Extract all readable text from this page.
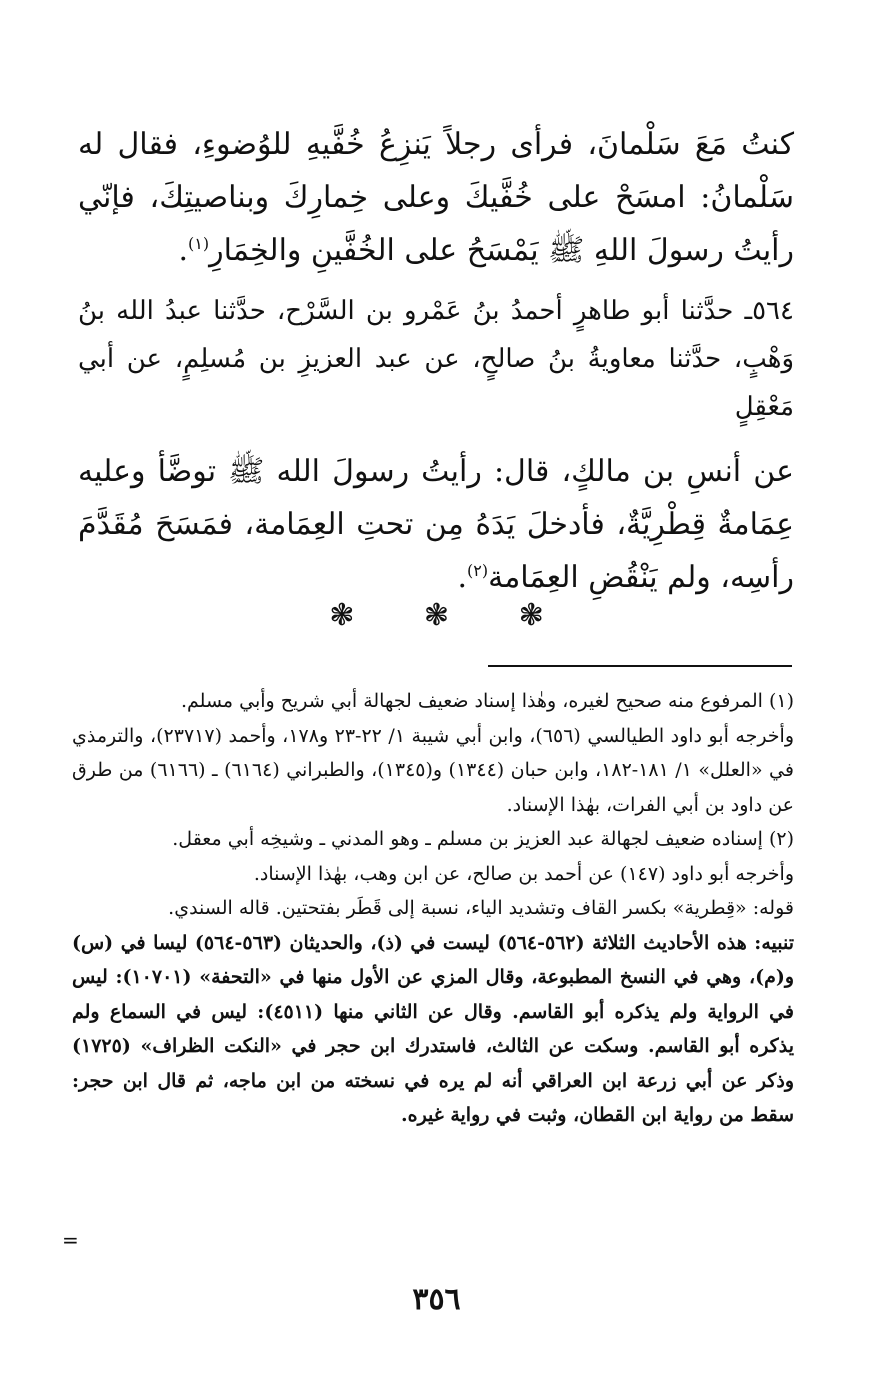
كنتُ مَعَ سَلْمانَ، فرأى رجلاً يَنزِعُ خُفَّيهِ للوُضوءِ، فقال له سَلْمانُ: امسَحْ على خُفَّيكَ وعلى خِمارِكَ وبناصيتِكَ، فإنّي رأيتُ رسولَ اللهِ ﷺ يَمْسَحُ على الخُفَّينِ والخِمَارِ$^{(١)}$.

٥٦٤ـ حدَّثنا أبو طاهرٍ أحمدُ بنُ عَمْرو بن السَّرْح، حدَّثنا عبدُ الله بنُ وَهْبٍ، حدَّثنا معاويةُ بنُ صالحٍ، عن عبد العزيزِ بن مُسلِمٍ، عن أبي مَعْقِلٍ

عن أنسِ بن مالكٍ، قال: رأيتُ رسولَ الله ﷺ توضَّأ وعليه عِمَامةٌ قِطْرِيَّةٌ، فأدخلَ يَدَهُ مِن تحتِ العِمَامة، فمَسَحَ مُقَدَّمَ رأسِه، ولم يَنْقُضِ العِمَامة$^{(٢)}$.

❃ ❃ ❃

(١) المرفوع منه صحيح لغيره، وهٰذا إسناد ضعيف لجهالة أبي شريح وأبي مسلم.

وأخرجه أبو داود الطيالسي (٦٥٦)، وابن أبي شيبة ١/ ٢٢-٢٣ و١٧٨، وأحمد (٢٣٧١٧)، والترمذي في «العلل» ١/ ١٨١-١٨٢، وابن حبان (١٣٤٤) و(١٣٤٥)، والطبراني (٦١٦٤) ـ (٦١٦٦) من طرق عن داود بن أبي الفرات، بهٰذا الإسناد.

(٢) إسناده ضعيف لجهالة عبد العزيز بن مسلم ـ وهو المدني ـ وشيخِه أبي معقل.

وأخرجه أبو داود (١٤٧) عن أحمد بن صالح، عن ابن وهب، بهٰذا الإسناد.

قوله: «قِطرية» بكسر القاف وتشديد الياء، نسبة إلى قَطَر بفتحتين. قاله السندي.

تنبيه: هذه الأحاديث الثلاثة (٥٦٢-٥٦٤) ليست في (ذ)، والحديثان (٥٦٣-٥٦٤) ليسا في (س) و(م)، وهي في النسخ المطبوعة، وقال المزي عن الأول منها في «التحفة» (١٠٧٠١): ليس في الرواية ولم يذكره أبو القاسم. وقال عن الثاني منها (٤٥١١): ليس في السماع ولم يذكره أبو القاسم. وسكت عن الثالث، فاستدرك ابن حجر في «النكت الظراف» (١٧٢٥) وذكر عن أبي زرعة ابن العراقي أنه لم يره في نسخته من ابن ماجه، ثم قال ابن حجر: سقط من رواية ابن القطان، وثبت في رواية غيره.

=
٣٥٦
